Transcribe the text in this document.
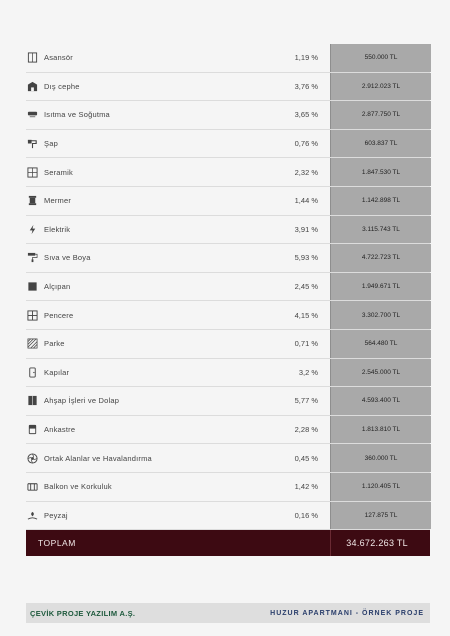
Asansör	1,19 %	550.000 TL
Dış cephe	3,76 %	2.912.023 TL
Isıtma ve Soğutma	3,65 %	2.877.750 TL
Şap	0,76 %	603.837 TL
Seramik	2,32 %	1.847.530 TL
Mermer	1,44 %	1.142.898 TL
Elektrik	3,91 %	3.115.743 TL
Sıva ve Boya	5,93 %	4.722.723 TL
Alçıpan	2,45 %	1.949.671 TL
Pencere	4,15 %	3.302.700 TL
Parke	0,71 %	564.480 TL
Kapılar	3,2 %	2.545.000 TL
Ahşap İşleri ve Dolap	5,77 %	4.593.400 TL
Ankastre	2,28 %	1.813.810 TL
Ortak Alanlar ve Havalandırma	0,45 %	360.000 TL
Balkon ve Korkuluk	1,42 %	1.120.405 TL
Peyzaj	0,16 %	127.875 TL
TOPLAM	34.672.263 TL
ÇEVİK PROJE YAZILIM A.Ş.	HUZUR APARTMANI - ÖRNEK PROJE
